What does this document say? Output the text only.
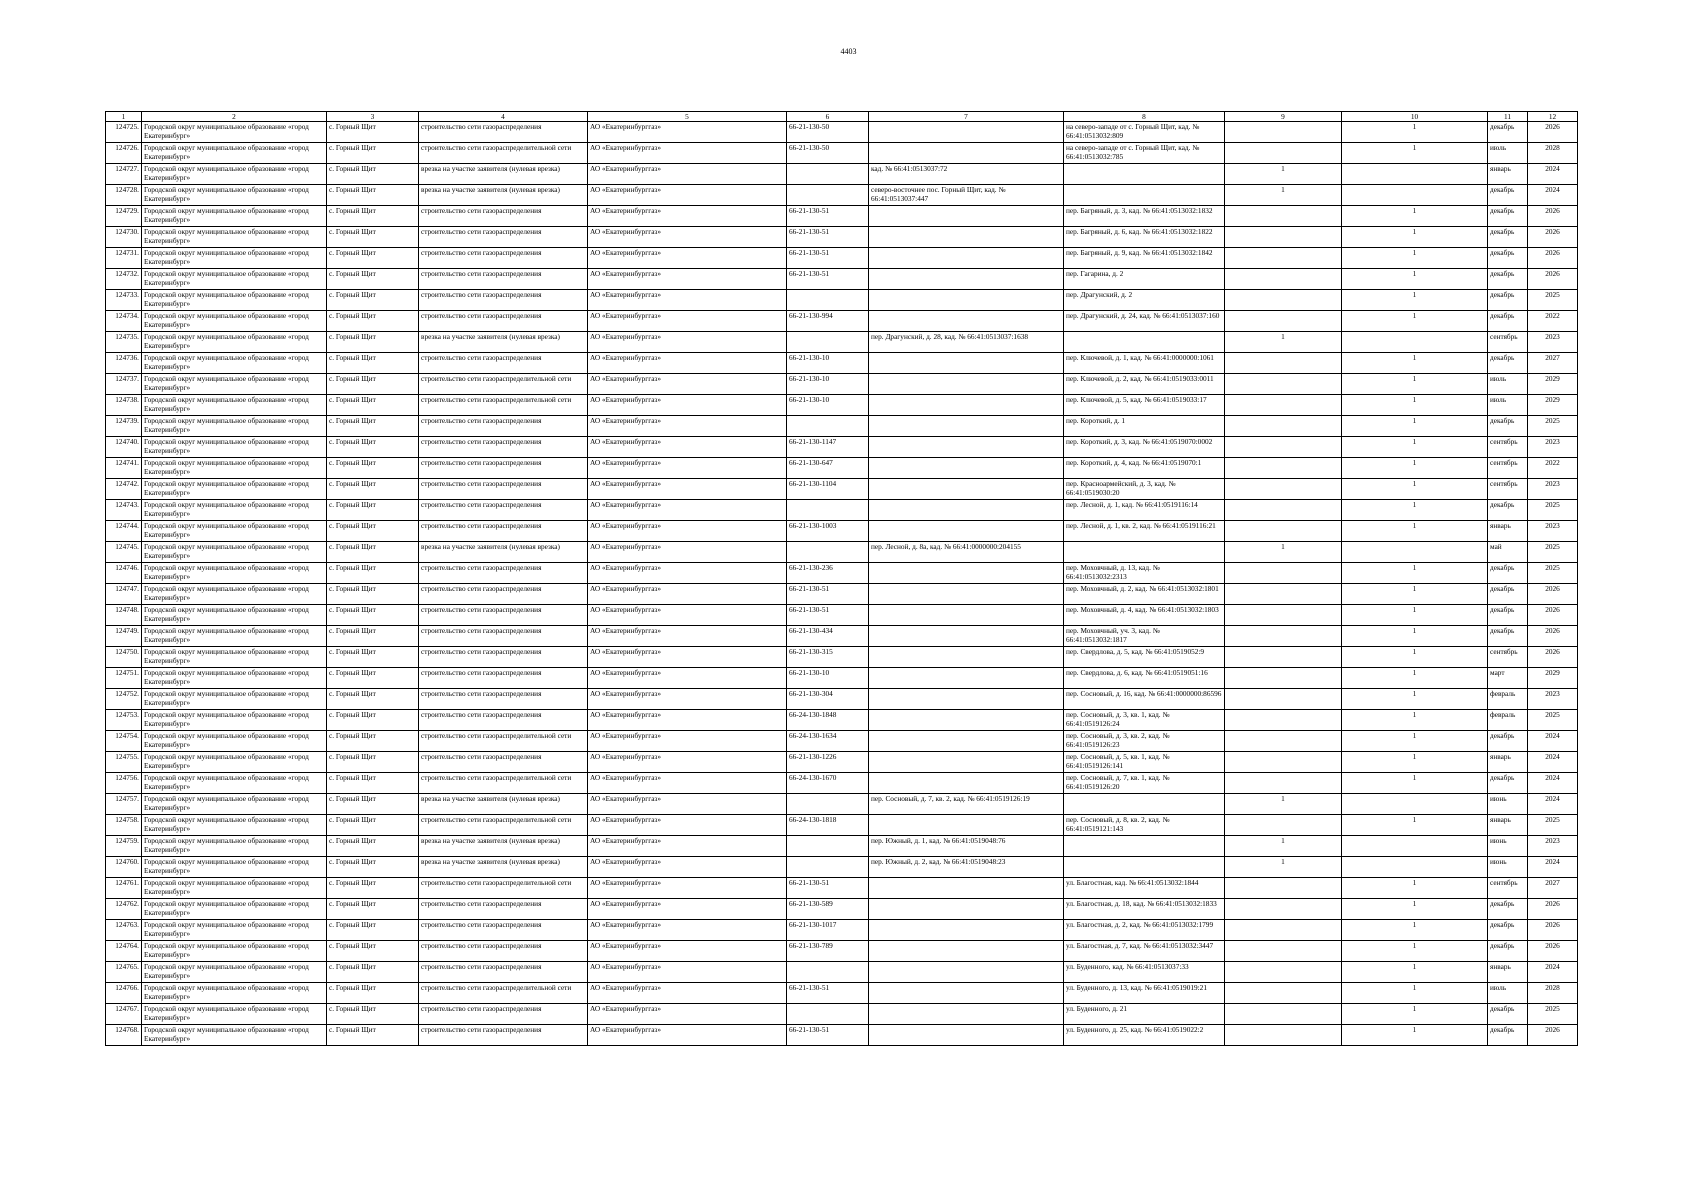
4403
1	2	3	4	5	6	7	8	9	10	11	12
124725.	Городской округ муниципальное образование «город Екатеринбург»	с. Горный Щит	строительство сети газораспределения	АО «Екатеринбурггаз»	66-21-130-50		на северо-западе от с. Горный Щит, кад. № 66:41:0513032:809		1	декабрь	2026
124726.	Городской округ муниципальное образование «город Екатеринбург»	с. Горный Щит	строительство сети газораспределительной сети	АО «Екатеринбурггаз»	66-21-130-50		на северо-западе от с. Горный Щит, кад. № 66:41:0513032:785		1	июль	2028
124727.	Городской округ муниципальное образование «город Екатеринбург»	с. Горный Щит	врезка на участке заявителя (нулевая врезка)	АО «Екатеринбурггаз»		кад. № 66:41:0513037:72		1		январь	2024
124728.	Городской округ муниципальное образование «город Екатеринбург»	с. Горный Щит	врезка на участке заявителя (нулевая врезка)	АО «Екатеринбурггаз»		северо-восточнее пос. Горный Щит, кад. № 66:41:0513037:447		1		декабрь	2024
124729.	Городской округ муниципальное образование «город Екатеринбург»	с. Горный Щит	строительство сети газораспределения	АО «Екатеринбурггаз»	66-21-130-51		пер. Багряный, д. 3, кад. № 66:41:0513032:1832		1	декабрь	2026
124730.	Городской округ муниципальное образование «город Екатеринбург»	с. Горный Щит	строительство сети газораспределения	АО «Екатеринбурггаз»	66-21-130-51		пер. Багряный, д. 6, кад. № 66:41:0513032:1822		1	декабрь	2026
124731.	Городской округ муниципальное образование «город Екатеринбург»	с. Горный Щит	строительство сети газораспределения	АО «Екатеринбурггаз»	66-21-130-51		пер. Багряный, д. 9, кад. № 66:41:0513032:1842		1	декабрь	2026
124732.	Городской округ муниципальное образование «город Екатеринбург»	с. Горный Щит	строительство сети газораспределения	АО «Екатеринбурггаз»	66-21-130-51		пер. Гагарина, д. 2		1	декабрь	2026
124733.	Городской округ муниципальное образование «город Екатеринбург»	с. Горный Щит	строительство сети газораспределения	АО «Екатеринбурггаз»			пер. Драгунский, д. 2		1	декабрь	2025
124734.	Городской округ муниципальное образование «город Екатеринбург»	с. Горный Щит	строительство сети газораспределения	АО «Екатеринбурггаз»	66-21-130-994		пер. Драгунский, д. 24, кад. № 66:41:0513037:160		1	декабрь	2022
124735.	Городской округ муниципальное образование «город Екатеринбург»	с. Горный Щит	врезка на участке заявителя (нулевая врезка)	АО «Екатеринбурггаз»		пер. Драгунский, д. 28, кад. № 66:41:0513037:1638		1		сентябрь	2023
124736.	Городской округ муниципальное образование «город Екатеринбург»	с. Горный Щит	строительство сети газораспределения	АО «Екатеринбурггаз»	66-21-130-10		пер. Ключевой, д. 1, кад. № 66:41:0000000:1061		1	декабрь	2027
124737.	Городской округ муниципальное образование «город Екатеринбург»	с. Горный Щит	строительство сети газораспределительной сети	АО «Екатеринбурггаз»	66-21-130-10		пер. Ключевой, д. 2, кад. № 66:41:0519033:0011		1	июль	2029
124738.	Городской округ муниципальное образование «город Екатеринбург»	с. Горный Щит	строительство сети газораспределительной сети	АО «Екатеринбурггаз»	66-21-130-10		пер. Ключевой, д. 5, кад. № 66:41:0519033:17		1	июль	2029
124739.	Городской округ муниципальное образование «город Екатеринбург»	с. Горный Щит	строительство сети газораспределения	АО «Екатеринбурггаз»			пер. Короткий, д. 1		1	декабрь	2025
124740.	Городской округ муниципальное образование «город Екатеринбург»	с. Горный Щит	строительство сети газораспределения	АО «Екатеринбурггаз»	66-21-130-1147		пер. Короткий, д. 3, кад. № 66:41:0519070:0002		1	сентябрь	2023
124741.	Городской округ муниципальное образование «город Екатеринбург»	с. Горный Щит	строительство сети газораспределения	АО «Екатеринбурггаз»	66-21-130-647		пер. Короткий, д. 4, кад. № 66:41:0519070:1		1	сентябрь	2022
124742.	Городской округ муниципальное образование «город Екатеринбург»	с. Горный Щит	строительство сети газораспределения	АО «Екатеринбурггаз»	66-21-130-1104		пер. Красноармейский, д. 3, кад. № 66:41:0519030:20		1	сентябрь	2023
124743.	Городской округ муниципальное образование «город Екатеринбург»	с. Горный Щит	строительство сети газораспределения	АО «Екатеринбурггаз»			пер. Лесной, д. 1, кад. № 66:41:0519116:14		1	декабрь	2025
124744.	Городской округ муниципальное образование «город Екатеринбург»	с. Горный Щит	строительство сети газораспределения	АО «Екатеринбурггаз»	66-21-130-1003		пер. Лесной, д. 1, кв. 2, кад. № 66:41:0519116:21		1	январь	2023
124745.	Городской округ муниципальное образование «город Екатеринбург»	с. Горный Щит	врезка на участке заявителя (нулевая врезка)	АО «Екатеринбурггаз»		пер. Лесной, д. 8а, кад. № 66:41:0000000:204155		1		май	2025
124746.	Городской округ муниципальное образование «город Екатеринбург»	с. Горный Щит	строительство сети газораспределения	АО «Екатеринбурггаз»	66-21-130-236		пер. Моховчный, д. 13, кад. № 66:41:0513032:2313		1	декабрь	2025
124747.	Городской округ муниципальное образование «город Екатеринбург»	с. Горный Щит	строительство сети газораспределения	АО «Екатеринбурггаз»	66-21-130-51		пер. Моховчный, д. 2, кад. № 66:41:0513032:1801		1	декабрь	2026
124748.	Городской округ муниципальное образование «город Екатеринбург»	с. Горный Щит	строительство сети газораспределения	АО «Екатеринбурггаз»	66-21-130-51		пер. Моховчный, д. 4, кад. № 66:41:0513032:1803		1	декабрь	2026
124749.	Городской округ муниципальное образование «город Екатеринбург»	с. Горный Щит	строительство сети газораспределения	АО «Екатеринбурггаз»	66-21-130-434		пер. Моховчный, уч. 3, кад. № 66:41:0513032:1817		1	декабрь	2026
124750.	Городской округ муниципальное образование «город Екатеринбург»	с. Горный Щит	строительство сети газораспределения	АО «Екатеринбурггаз»	66-21-130-315		пер. Свердлова, д. 5, кад. № 66:41:0519052:9		1	сентябрь	2026
124751.	Городской округ муниципальное образование «город Екатеринбург»	с. Горный Щит	строительство сети газораспределения	АО «Екатеринбурггаз»	66-21-130-10		пер. Свердлова, д. 6, кад. № 66:41:0519051:16		1	март	2029
124752.	Городской округ муниципальное образование «город Екатеринбург»	с. Горный Щит	строительство сети газораспределения	АО «Екатеринбурггаз»	66-21-130-304		пер. Сосновый, д. 16, кад. № 66:41:0000000:86596		1	февраль	2023
124753.	Городской округ муниципальное образование «город Екатеринбург»	с. Горный Щит	строительство сети газораспределения	АО «Екатеринбурггаз»	66-24-130-1848		пер. Сосновый, д. 3, кв. 1, кад. № 66:41:0519126:24		1	февраль	2025
124754.	Городской округ муниципальное образование «город Екатеринбург»	с. Горный Щит	строительство сети газораспределительной сети	АО «Екатеринбурггаз»	66-24-130-1634		пер. Сосновый, д. 3, кв. 2, кад. № 66:41:0519126:23		1	декабрь	2024
124755.	Городской округ муниципальное образование «город Екатеринбург»	с. Горный Щит	строительство сети газораспределения	АО «Екатеринбурггаз»	66-21-130-1226		пер. Сосновый, д. 5, кв. 1, кад. № 66:41:0519126:141		1	январь	2024
124756.	Городской округ муниципальное образование «город Екатеринбург»	с. Горный Щит	строительство сети газораспределительной сети	АО «Екатеринбурггаз»	66-24-130-1670		пер. Сосновый, д. 7, кв. 1, кад. № 66:41:0519126:20		1	декабрь	2024
124757.	Городской округ муниципальное образование «город Екатеринбург»	с. Горный Щит	врезка на участке заявителя (нулевая врезка)	АО «Екатеринбурггаз»		пер. Сосновый, д. 7, кв. 2, кад. № 66:41:0519126:19		1		июнь	2024
124758.	Городской округ муниципальное образование «город Екатеринбург»	с. Горный Щит	строительство сети газораспределительной сети	АО «Екатеринбурггаз»	66-24-130-1818		пер. Сосновый, д. 8, кв. 2, кад. № 66:41:0519121:143		1	январь	2025
124759.	Городской округ муниципальное образование «город Екатеринбург»	с. Горный Щит	врезка на участке заявителя (нулевая врезка)	АО «Екатеринбурггаз»		пер. Южный, д. 1, кад. № 66:41:0519048:76		1		июнь	2023
124760.	Городской округ муниципальное образование «город Екатеринбург»	с. Горный Щит	врезка на участке заявителя (нулевая врезка)	АО «Екатеринбурггаз»		пер. Южный, д. 2, кад. № 66:41:0519048:23		1		июнь	2024
124761.	Городской округ муниципальное образование «город Екатеринбург»	с. Горный Щит	строительство сети газораспределительной сети	АО «Екатеринбурггаз»	66-21-130-51		ул. Благостная, кад. № 66:41:0513032:1844		1	сентябрь	2027
124762.	Городской округ муниципальное образование «город Екатеринбург»	с. Горный Щит	строительство сети газораспределения	АО «Екатеринбурггаз»	66-21-130-589		ул. Благостная, д. 18, кад. № 66:41:0513032:1833		1	декабрь	2026
124763.	Городской округ муниципальное образование «город Екатеринбург»	с. Горный Щит	строительство сети газораспределения	АО «Екатеринбурггаз»	66-21-130-1017		ул. Благостная, д. 2, кад. № 66:41:0513032:1799		1	декабрь	2026
124764.	Городской округ муниципальное образование «город Екатеринбург»	с. Горный Щит	строительство сети газораспределения	АО «Екатеринбурггаз»	66-21-130-789		ул. Благостная, д. 7, кад. № 66:41:0513032:3447		1	декабрь	2026
124765.	Городской округ муниципальное образование «город Екатеринбург»	с. Горный Щит	строительство сети газораспределения	АО «Екатеринбурггаз»			ул. Буденного, кад. № 66:41:0513037:33		1	январь	2024
124766.	Городской округ муниципальное образование «город Екатеринбург»	с. Горный Щит	строительство сети газораспределительной сети	АО «Екатеринбурггаз»	66-21-130-51		ул. Буденного, д. 13, кад. № 66:41:0519019:21		1	июль	2028
124767.	Городской округ муниципальное образование «город Екатеринбург»	с. Горный Щит	строительство сети газораспределения	АО «Екатеринбурггаз»			ул. Буденного, д. 21		1	декабрь	2025
124768.	Городской округ муниципальное образование «город Екатеринбург»	с. Горный Щит	строительство сети газораспределения	АО «Екатеринбурггаз»	66-21-130-51		ул. Буденного, д. 25, кад. № 66:41:0519022:2		1	декабрь	2026
